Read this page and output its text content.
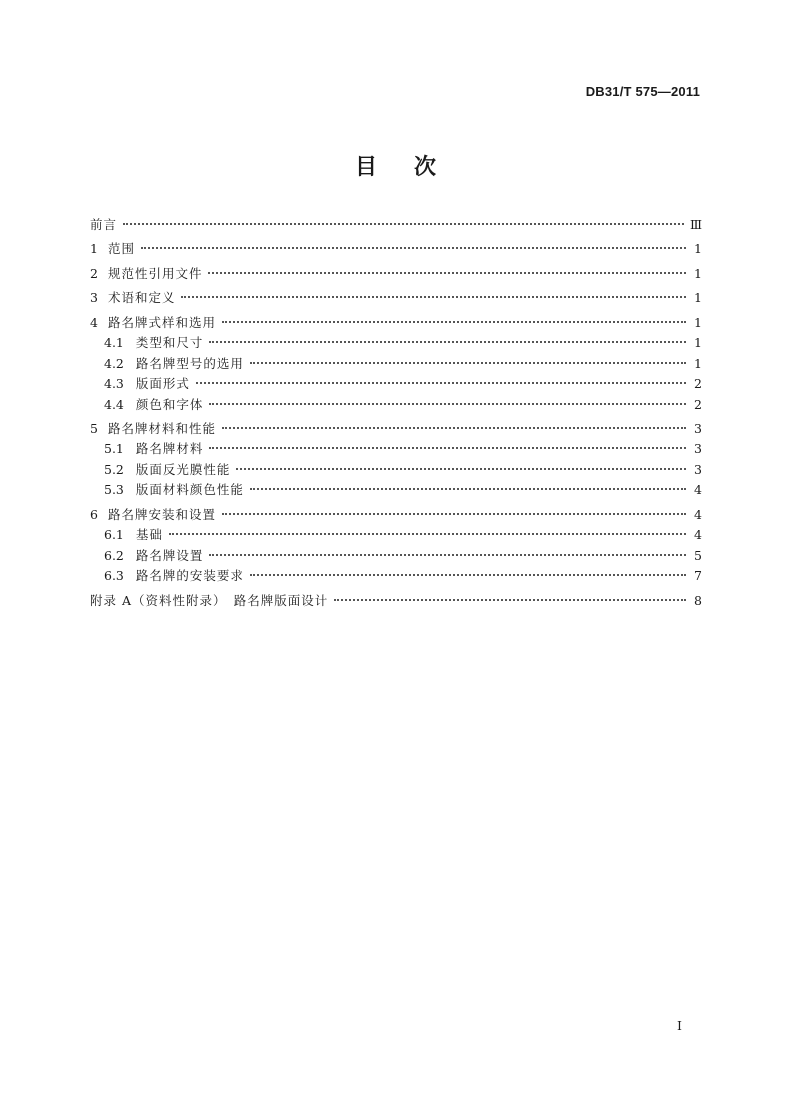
DB31/T 575—2011
目 次
前言	Ⅲ
1 范围	1
2 规范性引用文件	1
3 术语和定义	1
4 路名牌式样和选用	1
4.1 类型和尺寸	1
4.2 路名牌型号的选用	1
4.3 版面形式	2
4.4 颜色和字体	2
5 路名牌材料和性能	3
5.1 路名牌材料	3
5.2 版面反光膜性能	3
5.3 版面材料颜色性能	4
6 路名牌安装和设置	4
6.1 基础	4
6.2 路名牌设置	5
6.3 路名牌的安装要求	7
附录 A（资料性附录）　路名牌版面设计	8
Ⅰ
